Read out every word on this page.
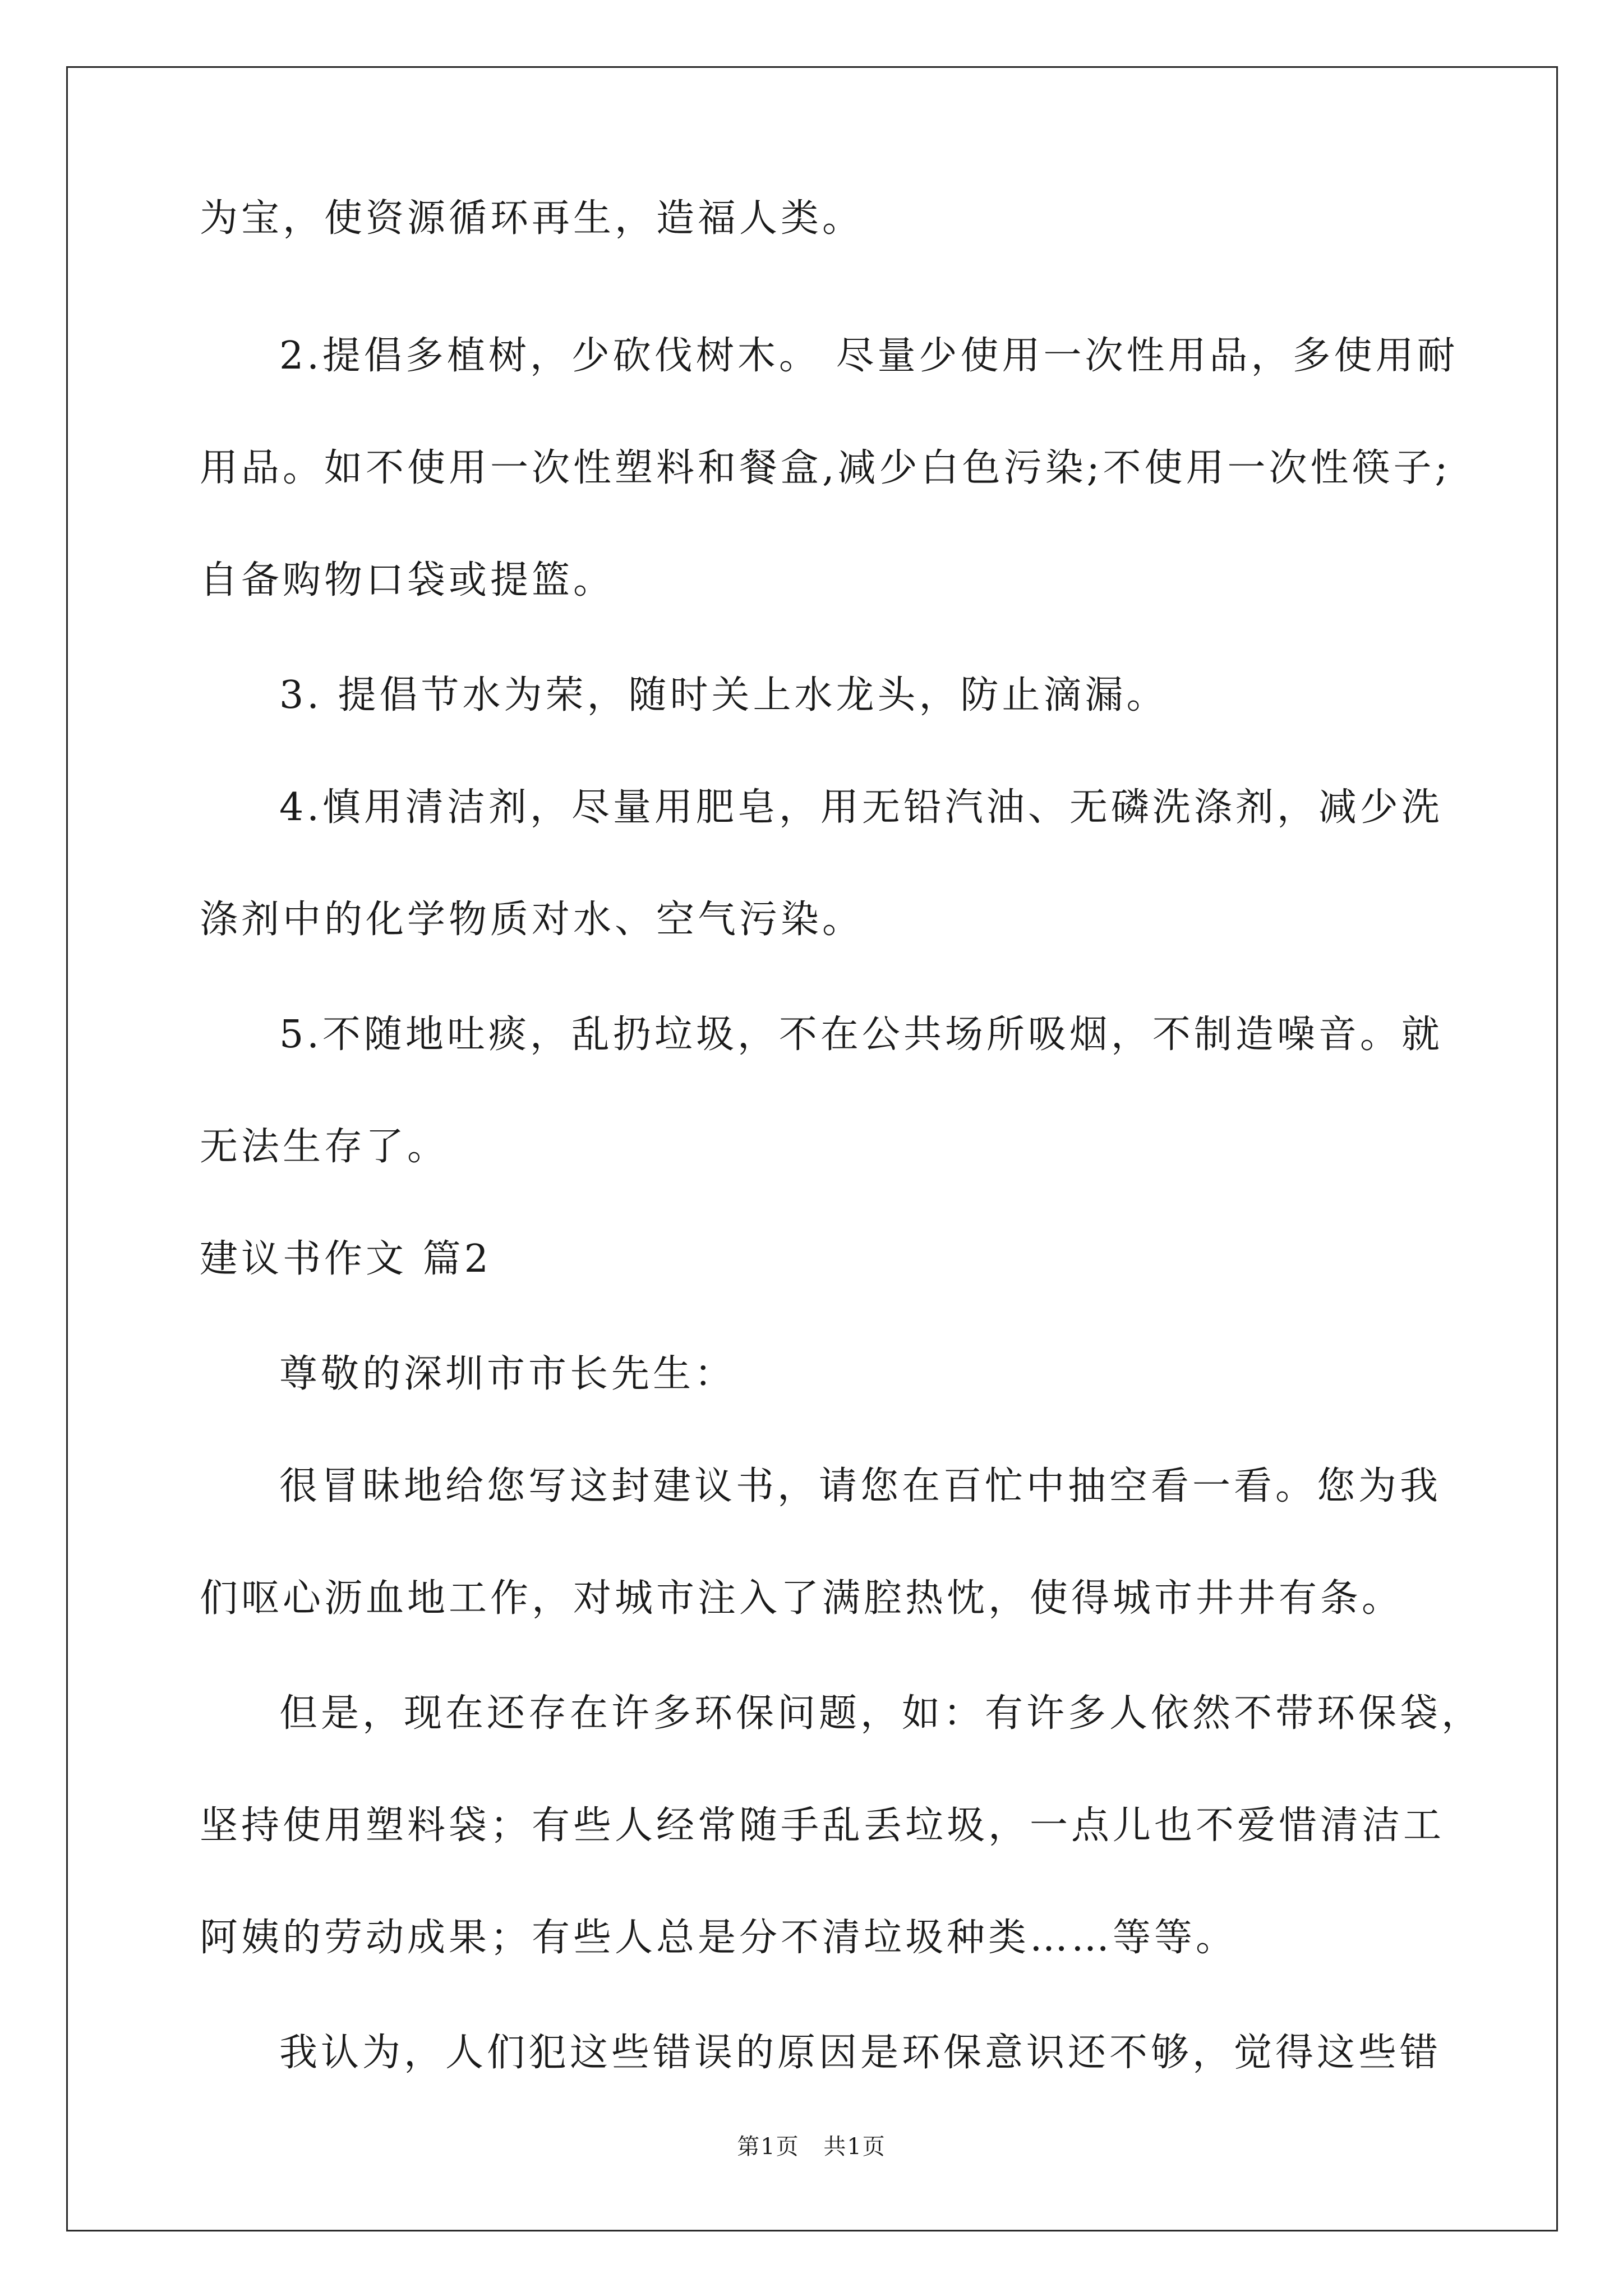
为宝，使资源循环再生，造福人类。
2.提倡多植树，少砍伐树木。 尽量少使用一次性用品，多使用耐
用品。如不使用一次性塑料和餐盒,减少白色污染;不使用一次性筷子;
自备购物口袋或提篮。
3. 提倡节水为荣，随时关上水龙头，防止滴漏。
4.慎用清洁剂，尽量用肥皂，用无铅汽油、无磷洗涤剂，减少洗
涤剂中的化学物质对水、空气污染。
5.不随地吐痰，乱扔垃圾，不在公共场所吸烟，不制造噪音。就
无法生存了。
建议书作文 篇2
尊敬的深圳市市长先生：
很冒昧地给您写这封建议书，请您在百忙中抽空看一看。您为我
们呕心沥血地工作，对城市注入了满腔热忱，使得城市井井有条。
但是，现在还存在许多环保问题，如：有许多人依然不带环保袋，
坚持使用塑料袋；有些人经常随手乱丢垃圾，一点儿也不爱惜清洁工
阿姨的劳动成果；有些人总是分不清垃圾种类……等等。
我认为，人们犯这些错误的原因是环保意识还不够，觉得这些错
第1页 共1页
